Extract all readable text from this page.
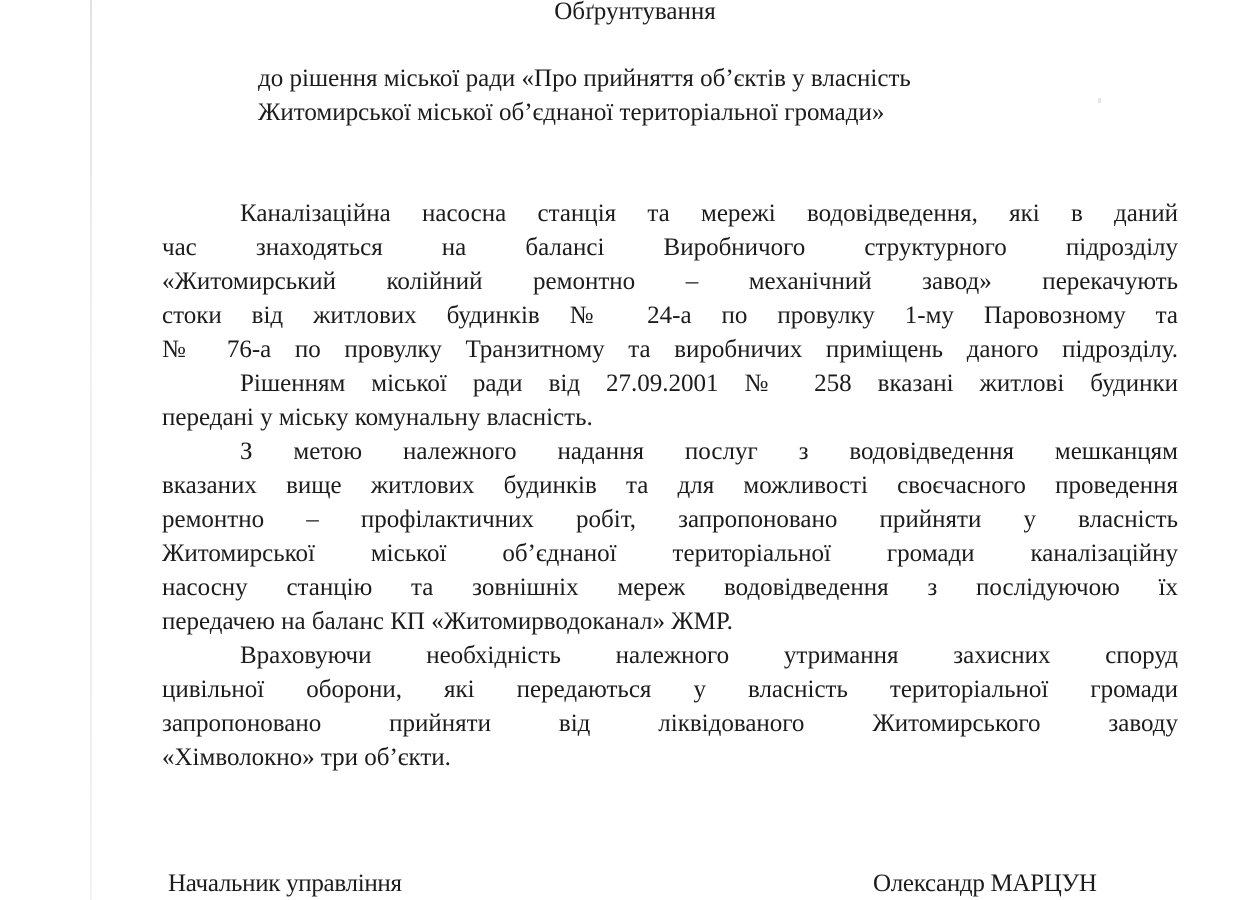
Обґрунтування
до рішення міської ради «Про прийняття об’єктів у власність
Житомирської міської об’єднаної територіальної громади»
Каналізаційна насосна станція та мережі водовідведення, які в даний
час знаходяться на балансі Виробничого структурного підрозділу
«Житомирський колійний ремонтно – механічний завод» перекачують
стоки від житлових будинків № 24-а по провулку 1-му Паровозному та
№ 76-а по провулку Транзитному та виробничих приміщень даного підрозділу.
Рішенням міської ради від 27.09.2001 № 258 вказані житлові будинки
передані у міську комунальну власність.
З метою належного надання послуг з водовідведення мешканцям
вказаних вище житлових будинків та для можливості своєчасного проведення
ремонтно – профілактичних робіт, запропоновано прийняти у власність
Житомирської міської об’єднаної територіальної громади каналізаційну
насосну станцію та зовнішніх мереж водовідведення з послідуючою їх
передачею на баланс КП «Житомирводоканал» ЖМР.
Враховуючи необхідність належного утримання захисних споруд
цивільної оборони, які передаються у власність територіальної громади
запропоновано прийняти від ліквідованого Житомирського заводу
«Хімволокно» три об’єкти.
Начальник управління	Олександр МАРЦУН
